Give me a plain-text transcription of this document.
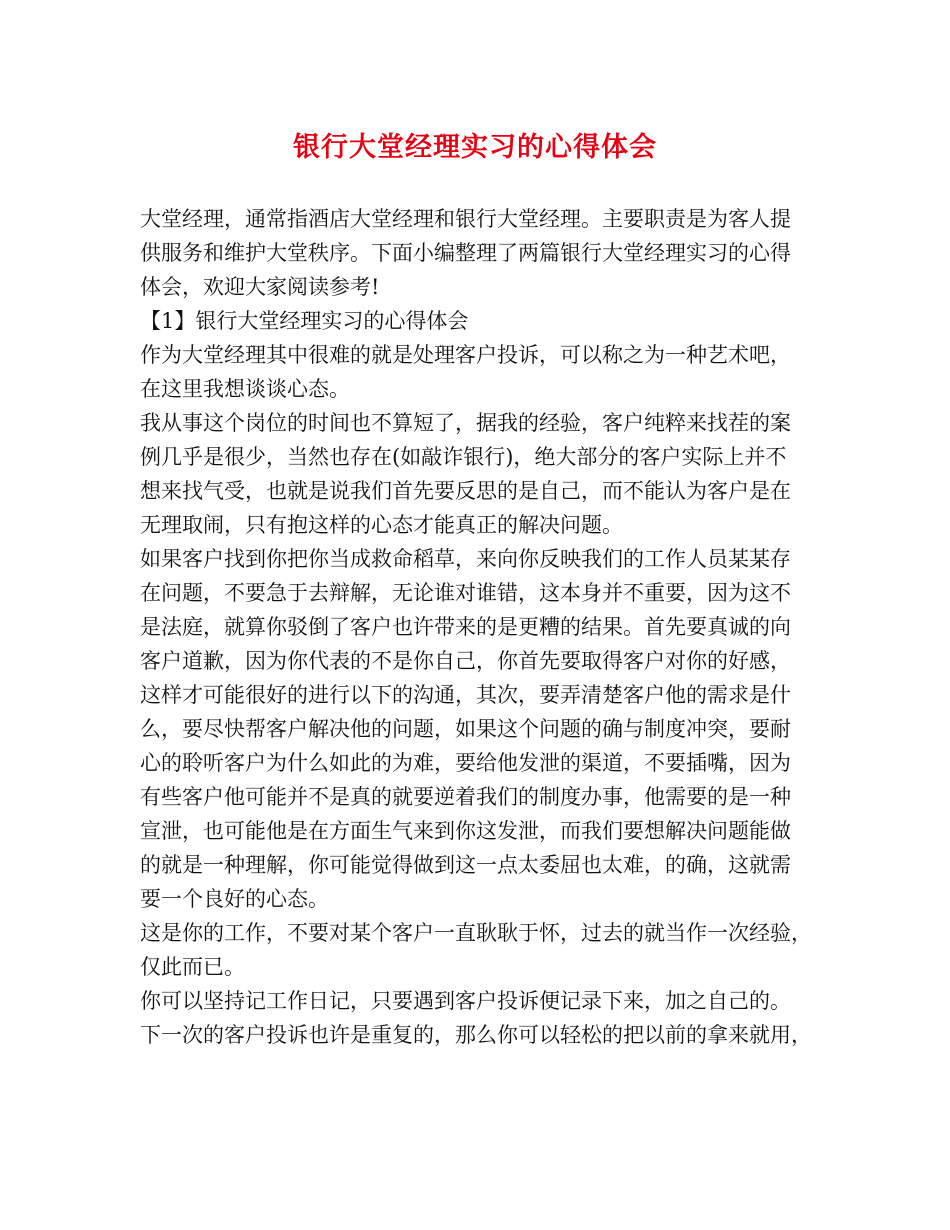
银行大堂经理实习的心得体会

大堂经理，通常指酒店大堂经理和银行大堂经理。主要职责是为客人提
供服务和维护大堂秩序。下面小编整理了两篇银行大堂经理实习的心得
体会，欢迎大家阅读参考!

【1】银行大堂经理实习的心得体会

作为大堂经理其中很难的就是处理客户投诉，可以称之为一种艺术吧，
在这里我想谈谈心态。

我从事这个岗位的时间也不算短了，据我的经验，客户纯粹来找茬的案
例几乎是很少，当然也存在(如敲诈银行)，绝大部分的客户实际上并不
想来找气受，也就是说我们首先要反思的是自己，而不能认为客户是在
无理取闹，只有抱这样的心态才能真正的解决问题。

如果客户找到你把你当成救命稻草，来向你反映我们的工作人员某某存
在问题，不要急于去辩解，无论谁对谁错，这本身并不重要，因为这不
是法庭，就算你驳倒了客户也许带来的是更糟的结果。首先要真诚的向
客户道歉，因为你代表的不是你自己，你首先要取得客户对你的好感，
这样才可能很好的进行以下的沟通，其次，要弄清楚客户他的需求是什
么，要尽快帮客户解决他的问题，如果这个问题的确与制度冲突，要耐
心的聆听客户为什么如此的为难，要给他发泄的渠道，不要插嘴，因为
有些客户他可能并不是真的就要逆着我们的制度办事，他需要的是一种
宣泄，也可能他是在方面生气来到你这发泄，而我们要想解决问题能做
的就是一种理解，你可能觉得做到这一点太委屈也太难，的确，这就需
要一个良好的心态。

这是你的工作，不要对某个客户一直耿耿于怀，过去的就当作一次经验，
仅此而已。

你可以坚持记工作日记，只要遇到客户投诉便记录下来，加之自己的。
下一次的客户投诉也许是重复的，那么你可以轻松的把以前的拿来就用，
